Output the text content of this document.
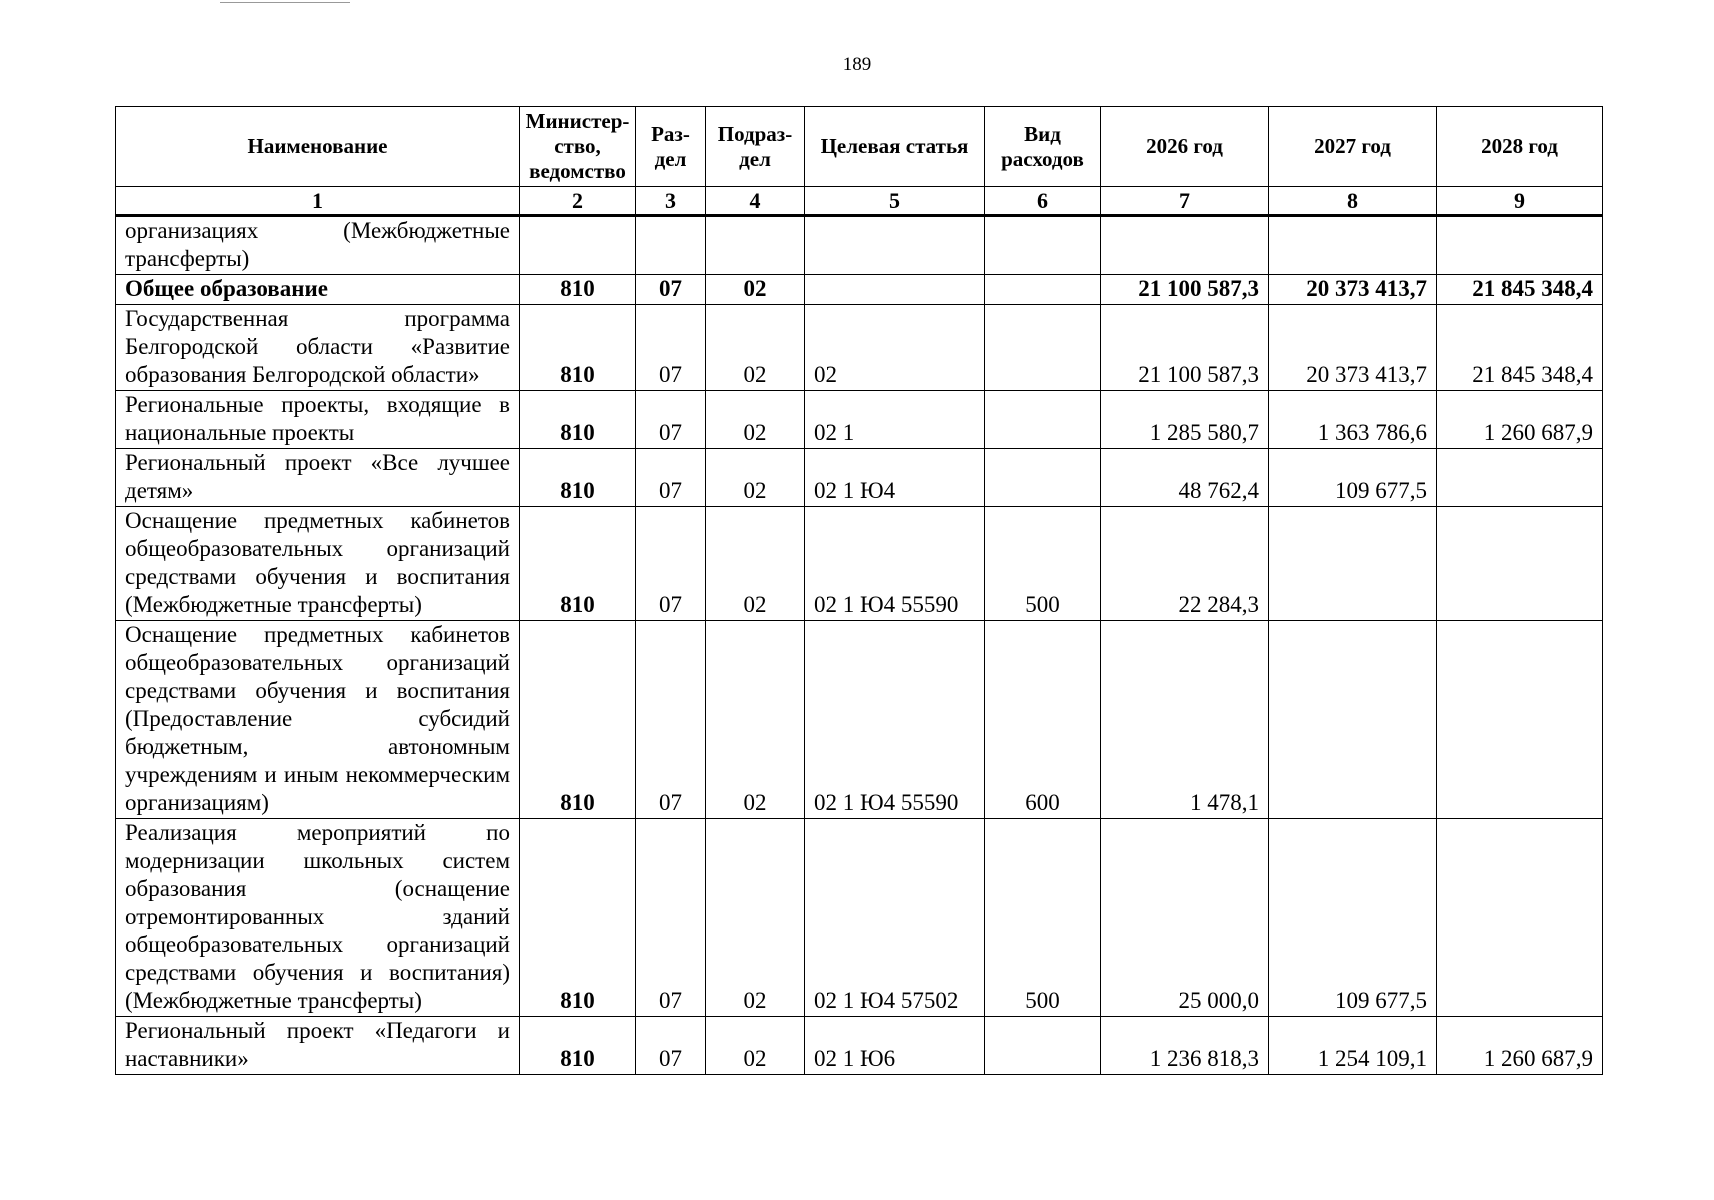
189
Наименование	Министер-ство, ведомство	Раз-дел	Подраз-дел	Целевая статья	Вид расходов	2026 год	2027 год	2028 год
1	2	3	4	5	6	7	8	9
организациях (Межбюджетные трансферты)								
Общее образование	810	07	02			21 100 587,3	20 373 413,7	21 845 348,4
Государственная программа Белгородской области «Развитие образования Белгородской области»	810	07	02	02		21 100 587,3	20 373 413,7	21 845 348,4
Региональные проекты, входящие в национальные проекты	810	07	02	02 1		1 285 580,7	1 363 786,6	1 260 687,9
Региональный проект «Все лучшее детям»	810	07	02	02 1 Ю4		48 762,4	109 677,5	
Оснащение предметных кабинетов общеобразовательных организаций средствами обучения и воспитания (Межбюджетные трансферты)	810	07	02	02 1 Ю4 55590	500	22 284,3		
Оснащение предметных кабинетов общеобразовательных организаций средствами обучения и воспитания (Предоставление субсидий бюджетным, автономным учреждениям и иным некоммерческим организациям)	810	07	02	02 1 Ю4 55590	600	1 478,1		
Реализация мероприятий по модернизации школьных систем образования (оснащение отремонтированных зданий общеобразовательных организаций средствами обучения и воспитания) (Межбюджетные трансферты)	810	07	02	02 1 Ю4 57502	500	25 000,0	109 677,5	
Региональный проект «Педагоги и наставники»	810	07	02	02 1 Ю6		1 236 818,3	1 254 109,1	1 260 687,9
